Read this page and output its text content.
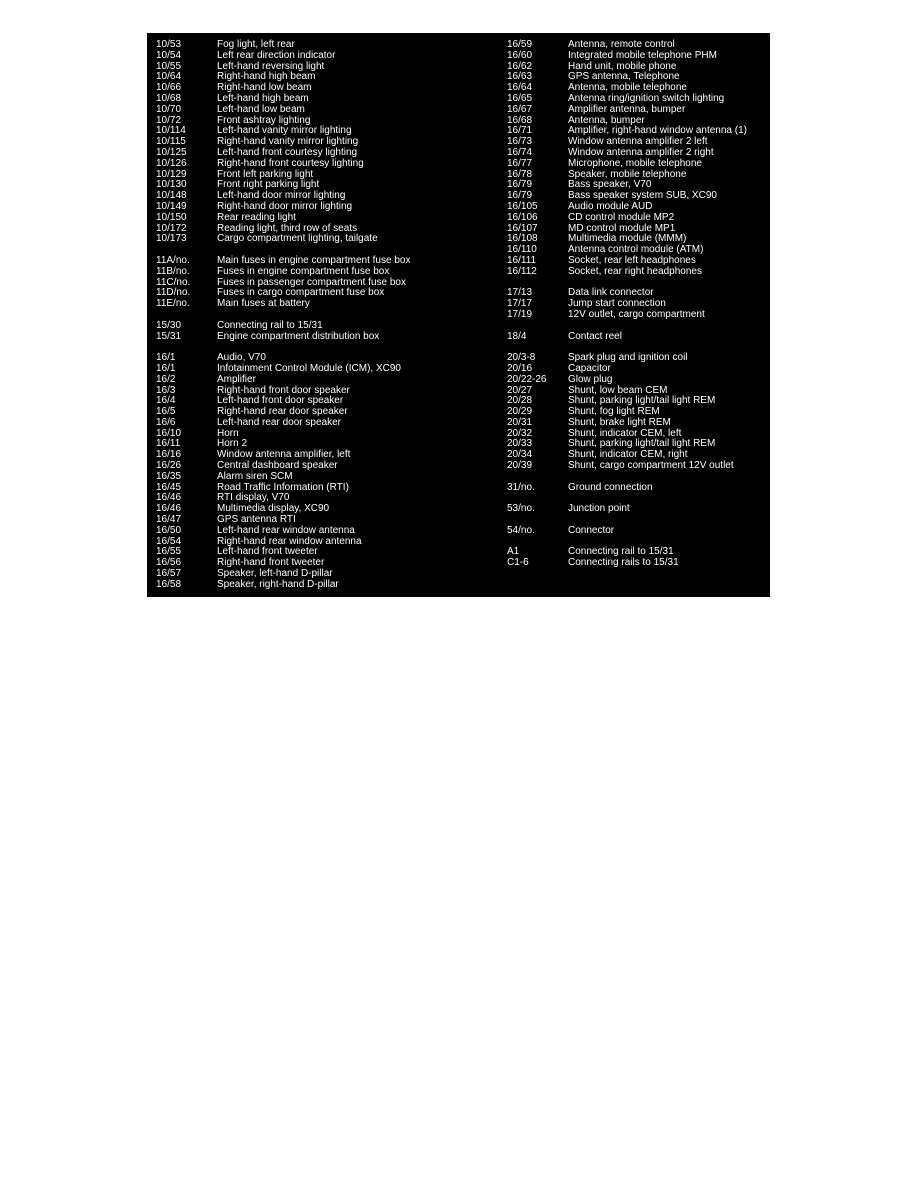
10/53	Fog light, left rear
10/54	Left rear direction indicator
10/55	Left-hand reversing light
10/64	Right-hand high beam
10/66	Right-hand low beam
10/68	Left-hand high beam
10/70	Left-hand low beam
10/72	Front ashtray lighting
10/114	Left-hand vanity mirror lighting
10/115	Right-hand vanity mirror lighting
10/125	Left-hand front courtesy lighting
10/126	Right-hand front courtesy lighting
10/129	Front left parking light
10/130	Front right parking light
10/148	Left-hand door mirror lighting
10/149	Right-hand door mirror lighting
10/150	Rear reading light
10/172	Reading light, third row of seats
10/173	Cargo compartment lighting, tailgate
11A/no.	Main fuses in engine compartment fuse box
11B/no.	Fuses in engine compartment fuse box
11C/no.	Fuses in passenger compartment fuse box
11D/no.	Fuses in cargo compartment fuse box
11E/no.	Main fuses at battery
15/30	Connecting rail to 15/31
15/31	Engine compartment distribution box
16/1	Audio, V70
16/1	Infotainment Control Module (ICM), XC90
16/2	Amplifier
16/3	Right-hand front door speaker
16/4	Left-hand front door speaker
16/5	Right-hand rear door speaker
16/6	Left-hand rear door speaker
16/10	Horn
16/11	Horn 2
16/16	Window antenna amplifier, left
16/26	Central dashboard speaker
16/35	Alarm siren SCM
16/45	Road Traffic Information (RTI)
16/46	RTI display, V70
16/46	Multimedia display, XC90
16/47	GPS antenna RTI
16/50	Left-hand rear window antenna
16/54	Right-hand rear window antenna
16/55	Left-hand front tweeter
16/56	Right-hand front tweeter
16/57	Speaker, left-hand D-pillar
16/58	Speaker, right-hand D-pillar
16/59	Antenna, remote control
16/60	Integrated mobile telephone PHM
16/62	Hand unit, mobile phone
16/63	GPS antenna, Telephone
16/64	Antenna, mobile telephone
16/65	Antenna ring/ignition switch lighting
16/67	Amplifier antenna, bumper
16/68	Antenna, bumper
16/71	Amplifier, right-hand window antenna (1)
16/73	Window antenna amplifier 2 left
16/74	Window antenna amplifier 2 right
16/77	Microphone, mobile telephone
16/78	Speaker, mobile telephone
16/79	Bass speaker, V70
16/79	Bass speaker system SUB, XC90
16/105	Audio module AUD
16/106	CD control module MP2
16/107	MD control module MP1
16/108	Multimedia module (MMM)
16/110	Antenna control module (ATM)
16/111	Socket, rear left headphones
16/112	Socket, rear right headphones
17/13	Data link connector
17/17	Jump start connection
17/19	12V outlet, cargo compartment
18/4	Contact reel
20/3-8	Spark plug and ignition coil
20/16	Capacitor
20/22-26	Glow plug
20/27	Shunt, low beam CEM
20/28	Shunt, parking light/tail light REM
20/29	Shunt, fog light REM
20/31	Shunt, brake light REM
20/32	Shunt, indicator CEM, left
20/33	Shunt, parking light/tail light REM
20/34	Shunt, indicator CEM, right
20/39	Shunt, cargo compartment 12V outlet
31/no.	Ground connection
53/no.	Junction point
54/no.	Connector
A1	Connecting rail to 15/31
C1-6	Connecting rails to 15/31
